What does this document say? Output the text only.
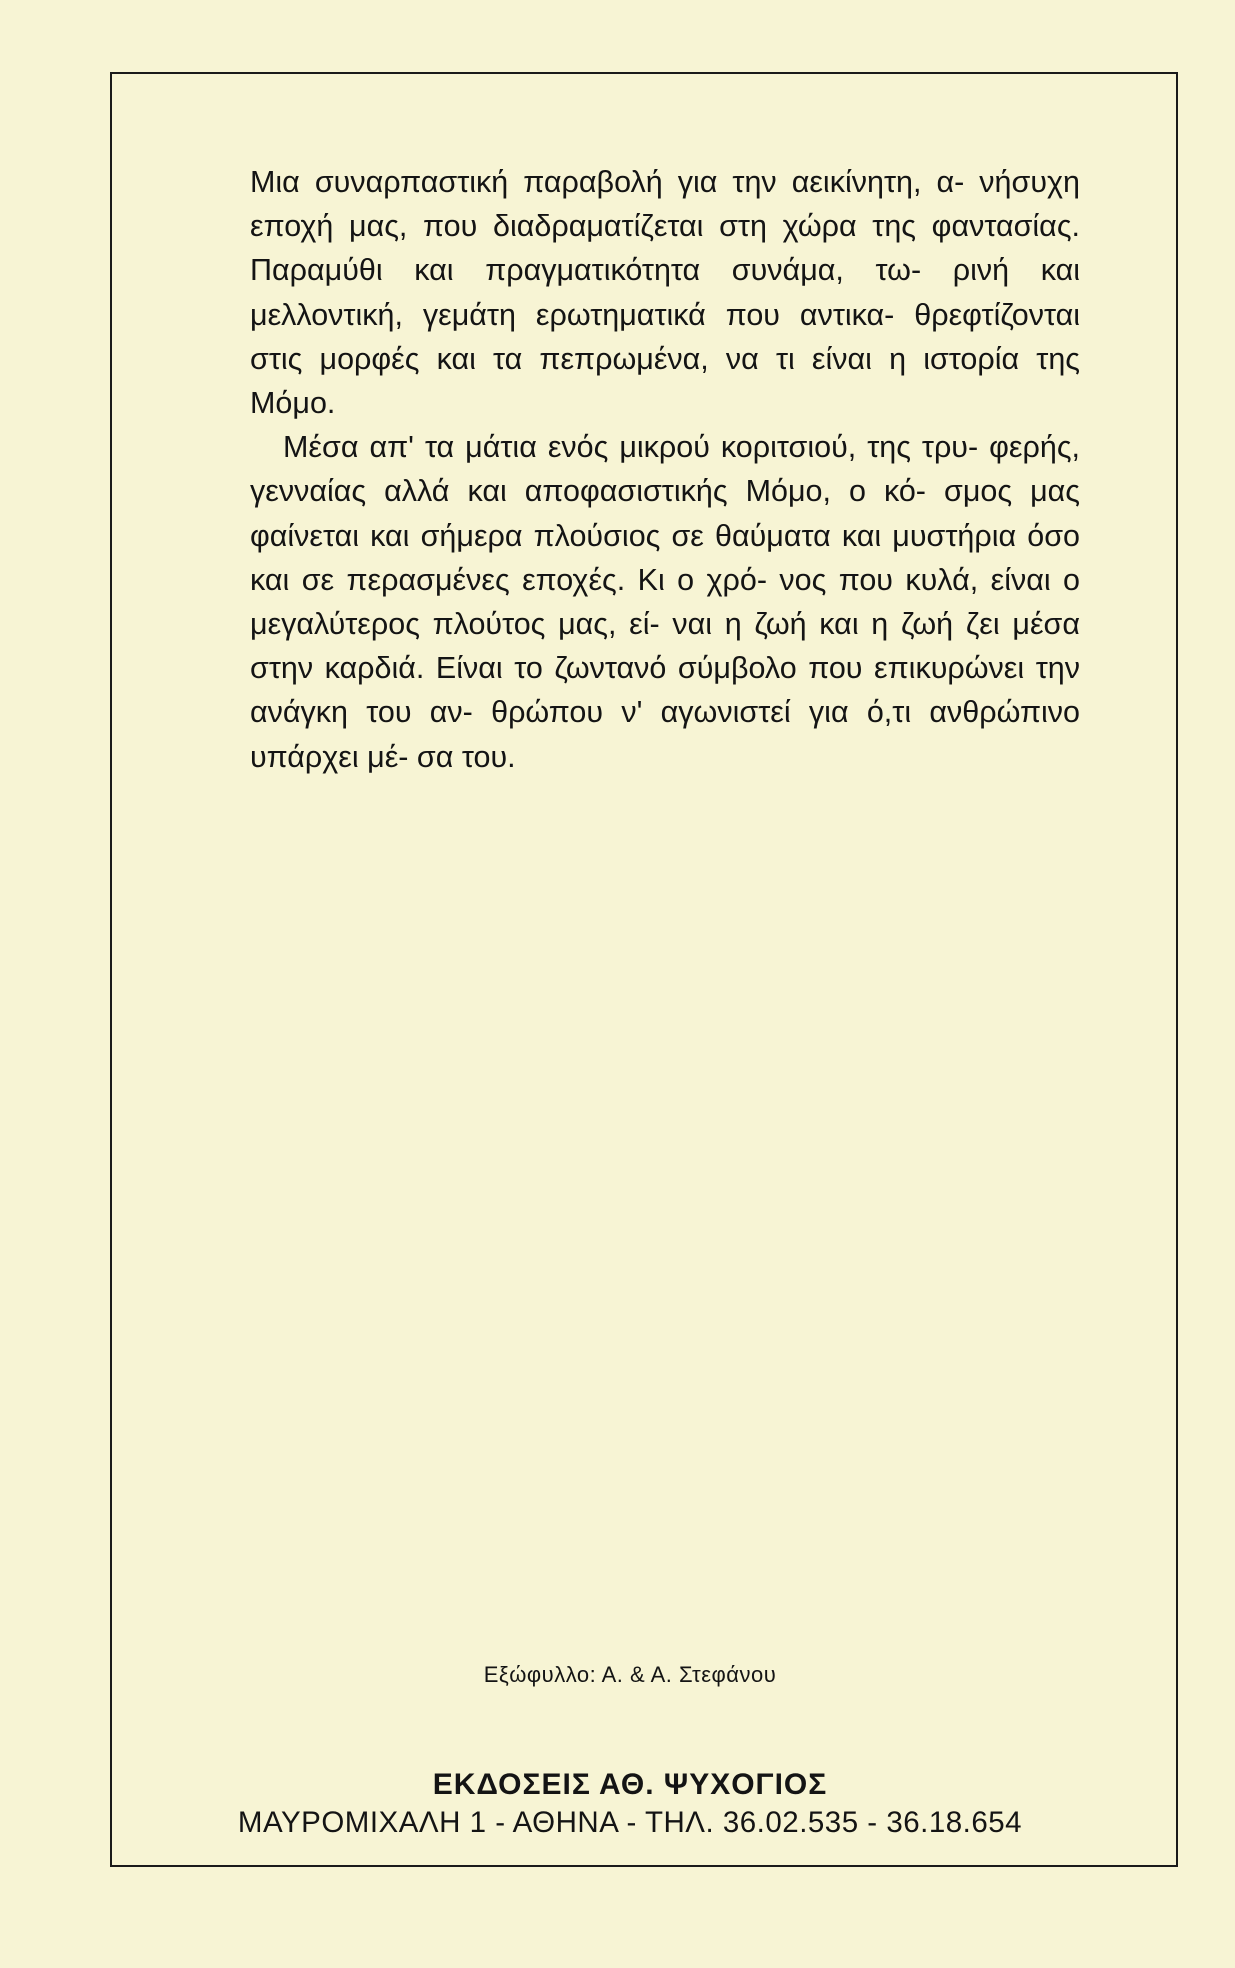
Μια συναρπαστική παραβολή για την αεικίνητη, α- νήσυχη εποχή μας, που διαδραματίζεται στη χώρα της φαντασίας. Παραμύθι και πραγματικότητα συνάμα, τω- ρινή και μελλοντική, γεμάτη ερωτηματικά που αντικα- θρεφτίζονται στις μορφές και τα πεπρωμένα, να τι είναι η ιστορία της Μόμο.

Μέσα απ' τα μάτια ενός μικρού κοριτσιού, της τρυ- φερής, γενναίας αλλά και αποφασιστικής Μόμο, ο κό- σμος μας φαίνεται και σήμερα πλούσιος σε θαύματα και μυστήρια όσο και σε περασμένες εποχές. Κι ο χρό- νος που κυλά, είναι ο μεγαλύτερος πλούτος μας, εί- ναι η ζωή και η ζωή ζει μέσα στην καρδιά. Είναι το ζωντανό σύμβολο που επικυρώνει την ανάγκη του αν- θρώπου ν' αγωνιστεί για ό,τι ανθρώπινο υπάρχει μέ- σα του.

Εξώφυλλο: Α. & Α. Στεφάνου

ΕΚΔΟΣΕΙΣ ΑΘ. ΨΥΧΟΓΙΟΣ

ΜΑΥΡΟΜΙΧΑΛΗ 1 - ΑΘΗΝΑ - ΤΗΛ. 36.02.535 - 36.18.654
